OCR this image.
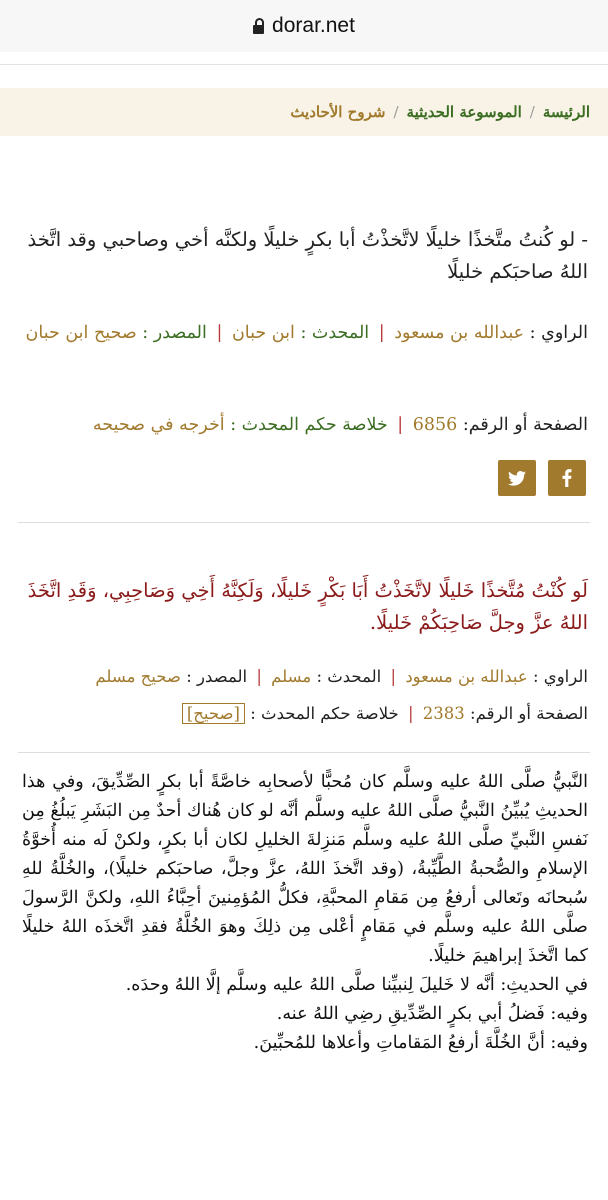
dorar.net
الرئيسة
/
الموسوعة الحديثية
/
شروح الأحاديث
- لو كُنتُ متَّخذًا خليلًا لاتَّخذْتُ أبا بكرٍ خليلًا ولكنَّه أخي وصاحبي وقد اتَّخذ اللهُ صاحبَكم خليلًا
الراوي : عبدالله بن مسعود | المحدث : ابن حبان | المصدر : صحيح ابن حبان
الصفحة أو الرقم: 6856 | خلاصة حكم المحدث : أخرجه في صحيحه
لَو كُنْتُ مُتَّخذًا خَليلًا لاتَّخَذْتُ أَبَا بَكْرٍ خَليلًا، وَلَكِنَّهُ أَخِي وَصَاحِبِي، وَقَدِ اتَّخَذَ اللهُ عزَّ وجلَّ صَاحِبَكُمْ خَليلًا.
الراوي : عبدالله بن مسعود | المحدث : مسلم | المصدر : صحيح مسلم
الصفحة أو الرقم: 2383 | خلاصة حكم المحدث : [صحيح]

النَّبيُّ صلَّى اللهُ عليه وسلَّم كان مُحبًّا لأصحابِه خاصَّةً أبا بكرٍ الصِّدِّيقَ، وفي هذا الحديثِ يُبيِّنُ النَّبيُّ صلَّى اللهُ عليه وسلَّم أنَّه لو كان هُناك أحدٌ مِن البَشَرِ يَبلُغُ مِن نَفسِ النَّبيِّ صلَّى اللهُ عليه وسلَّم مَنزِلةَ الخليلِ لكان أبا بكرٍ، ولكنْ لَه منه أُخوَّةُ الإسلامِ والصُّحبةُ الطَّيِّبةُ، (وقد اتَّخذَ اللهُ، عزَّ وجلَّ، صاحبَكم خليلًا)، والخُلَّةُ للهِ سُبحانَه وتَعالى أرفعُ مِن مَقامِ المحبَّةِ، فكلُّ المُؤمِنينَ أحِبَّاءُ اللهِ، ولكنَّ الرَّسولَ صلَّى اللهُ عليه وسلَّم في مَقامٍ أعْلى مِن ذلِكَ وهوَ الخُلَّةُ فقدِ اتَّخذَه اللهُ خليلًا كما اتَّخذَ إبراهيمَ خليلًا.

في الحديثِ: أنَّه لا خَليلَ لِنبيِّنا صلَّى اللهُ عليه وسلَّم إلَّا اللهُ وحدَه.

وفيه: فَضلُ أبي بكرٍ الصِّدِّيقِ رضِي اللهُ عنه.

وفيه: أنَّ الخُلَّةَ أرفعُ المَقاماتِ وأعلاها للمُحبِّينَ.
